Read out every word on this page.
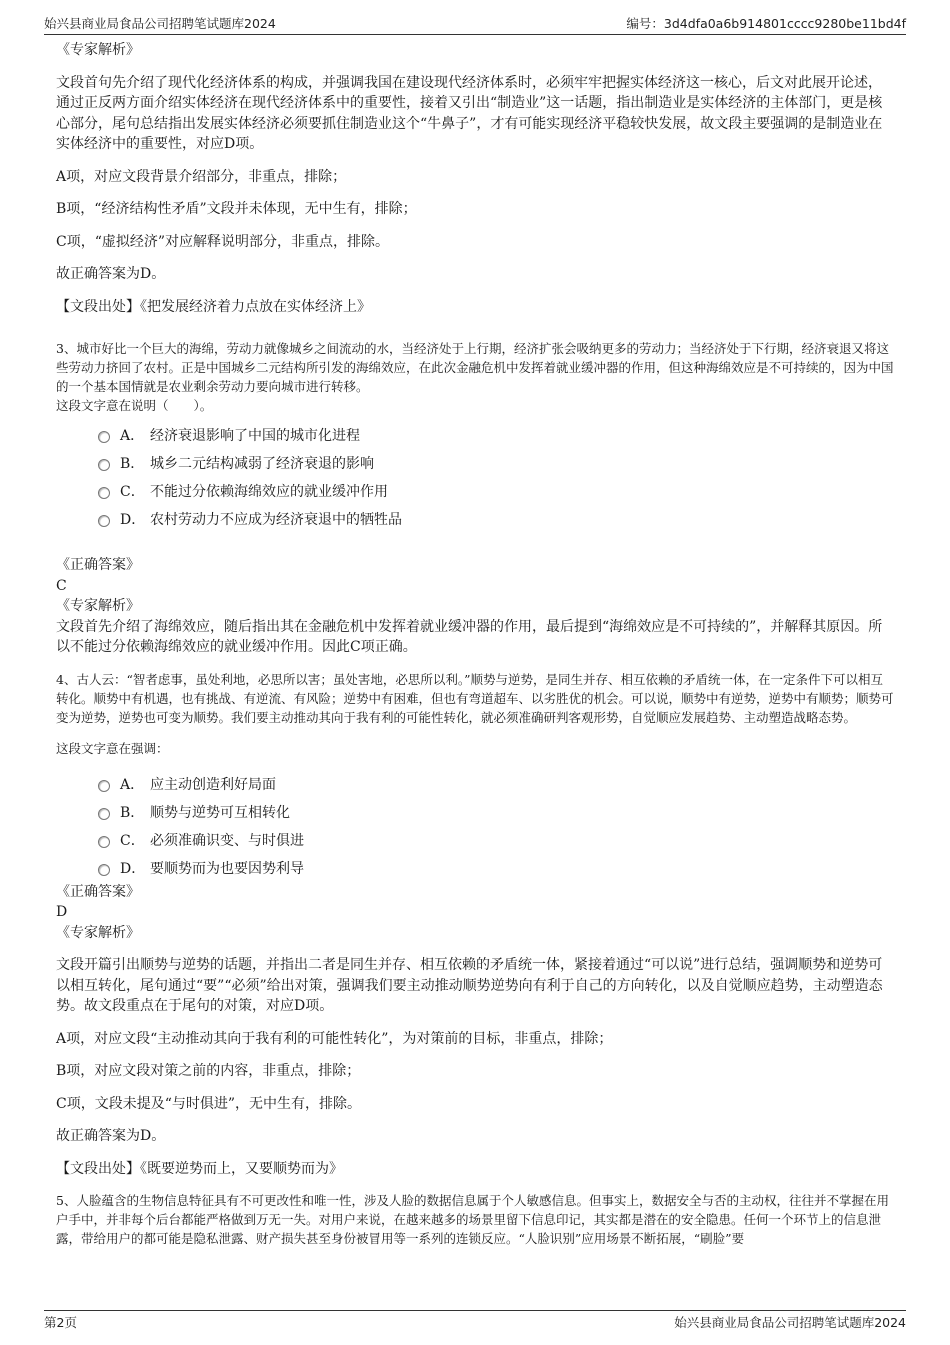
始兴县商业局食品公司招聘笔试题库2024	编号：3d4dfa0a6b914801cccc9280be11bd4f

《专家解析》

文段首句先介绍了现代化经济体系的构成，并强调我国在建设现代经济体系时，必须牢牢把握实体经济这一核心，后文对此展开论述，通过正反两方面介绍实体经济在现代经济体系中的重要性，接着又引出“制造业”这一话题，指出制造业是实体经济的主体部门，更是核心部分，尾句总结指出发展实体经济必须要抓住制造业这个“牛鼻子”，才有可能实现经济平稳较快发展，故文段主要强调的是制造业在实体经济中的重要性，对应D项。

A项，对应文段背景介绍部分，非重点，排除；

B项，“经济结构性矛盾”文段并未体现，无中生有，排除；

C项，“虚拟经济”对应解释说明部分，非重点，排除。

故正确答案为D。

【文段出处】《把发展经济着力点放在实体经济上》

3、城市好比一个巨大的海绵，劳动力就像城乡之间流动的水，当经济处于上行期，经济扩张会吸纳更多的劳动力；当经济处于下行期，经济衰退又将这些劳动力挤回了农村。正是中国城乡二元结构所引发的海绵效应，在此次金融危机中发挥着就业缓冲器的作用，但这种海绵效应是不可持续的，因为中国的一个基本国情就是农业剩余劳动力要向城市进行转移。

这段文字意在说明（　　）。

A． 经济衰退影响了中国的城市化进程
B． 城乡二元结构减弱了经济衰退的影响
C． 不能过分依赖海绵效应的就业缓冲作用
D． 农村劳动力不应成为经济衰退中的牺牲品

《正确答案》

C

《专家解析》

文段首先介绍了海绵效应，随后指出其在金融危机中发挥着就业缓冲器的作用，最后提到“海绵效应是不可持续的”，并解释其原因。所以不能过分依赖海绵效应的就业缓冲作用。因此C项正确。

4、古人云：“智者虑事，虽处利地，必思所以害；虽处害地，必思所以利。”顺势与逆势，是同生并存、相互依赖的矛盾统一体，在一定条件下可以相互转化。顺势中有机遇，也有挑战、有逆流、有风险；逆势中有困难，但也有弯道超车、以劣胜优的机会。可以说，顺势中有逆势，逆势中有顺势；顺势可变为逆势，逆势也可变为顺势。我们要主动推动其向于我有利的可能性转化，就必须准确研判客观形势，自觉顺应发展趋势、主动塑造战略态势。

这段文字意在强调：

A． 应主动创造利好局面
B． 顺势与逆势可互相转化
C． 必须准确识变、与时俱进
D． 要顺势而为也要因势利导

《正确答案》

D

《专家解析》

文段开篇引出顺势与逆势的话题，并指出二者是同生并存、相互依赖的矛盾统一体，紧接着通过“可以说”进行总结，强调顺势和逆势可以相互转化，尾句通过“要”“必须”给出对策，强调我们要主动推动顺势逆势向有利于自己的方向转化，以及自觉顺应趋势，主动塑造态势。故文段重点在于尾句的对策，对应D项。

A项，对应文段“主动推动其向于我有利的可能性转化”，为对策前的目标，非重点，排除；

B项，对应文段对策之前的内容，非重点，排除；

C项，文段未提及“与时俱进”，无中生有，排除。

故正确答案为D。

【文段出处】《既要逆势而上，又要顺势而为》

5、人脸蕴含的生物信息特征具有不可更改性和唯一性，涉及人脸的数据信息属于个人敏感信息。但事实上，数据安全与否的主动权，往往并不掌握在用户手中，并非每个后台都能严格做到万无一失。对用户来说，在越来越多的场景里留下信息印记，其实都是潜在的安全隐患。任何一个环节上的信息泄露，带给用户的都可能是隐私泄露、财产损失甚至身份被冒用等一系列的连锁反应。“人脸识别”应用场景不断拓展，“刷脸”要

第2页	始兴县商业局食品公司招聘笔试题库2024
